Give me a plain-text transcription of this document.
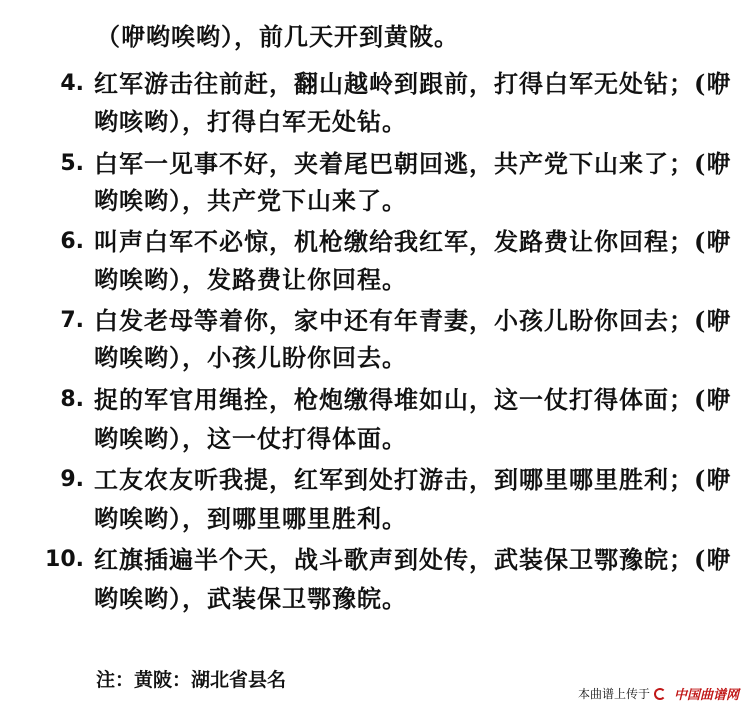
（咿哟唉哟），前几天开到黄陂。
4. 红军游击往前赶，翻山越岭到跟前，打得白军无处钻；(咿
哟咳哟），打得白军无处钻。
5. 白军一见事不好，夹着尾巴朝回逃，共产党下山来了；(咿
哟唉哟），共产党下山来了。
6. 叫声白军不必惊，机枪缴给我红军，发路费让你回程；(咿
哟唉哟），发路费让你回程。
7. 白发老母等着你，家中还有年青妻，小孩儿盼你回去；(咿
哟唉哟），小孩儿盼你回去。
8. 捉的军官用绳拴，枪炮缴得堆如山，这一仗打得体面；(咿
哟唉哟），这一仗打得体面。
9. 工友农友听我提，红军到处打游击，到哪里哪里胜利；(咿
哟唉哟），到哪里哪里胜利。
10. 红旗插遍半个天，战斗歌声到处传，武装保卫鄂豫皖；(咿
哟唉哟），武装保卫鄂豫皖。
注：黄陂：湖北省县名
本曲谱上传于 中国曲谱网
